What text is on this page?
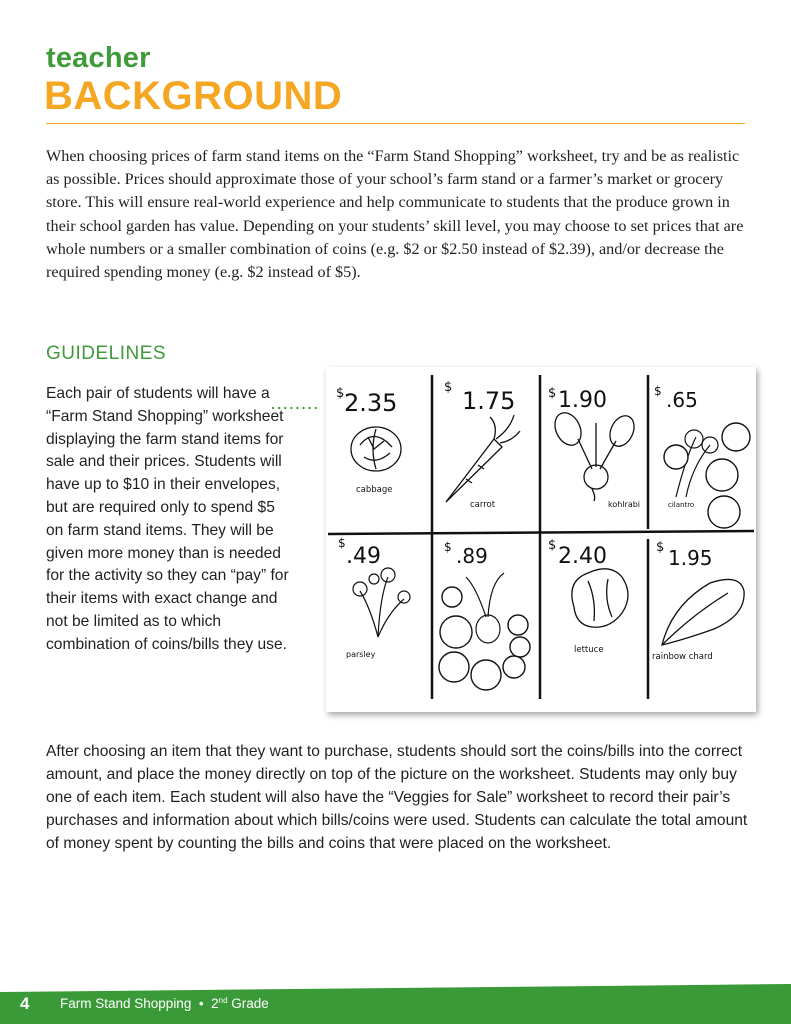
teacher
BACKGROUND

When choosing prices of farm stand items on the “Farm Stand Shopping” worksheet, try and be as realistic as possible. Prices should approximate those of your school’s farm stand or a farmer’s market or grocery store. This will ensure real-world experience and help communicate to students that the produce grown in their school garden has value. Depending on your students’ skill level, you may choose to set prices that are whole numbers or a smaller combination of coins (e.g. $2 or $2.50 instead of $2.39), and/or decrease the required spending money (e.g. $2 instead of $5).

GUIDELINES

Each pair of students will have a “Farm Stand Shopping” worksheet displaying the farm stand items for sale and their prices. Students will have up to $10 in their envelopes, but are required only to spend $5 on farm stand items. They will be given more money than is needed for the activity so they can “pay” for their items with exact change and not be limited as to which combination of coins/bills they use.

$ 2.35
cabbage
$ 1.75
carrot
$ 1.90
kohlrabi
$ .65
cilantro
$
.49
parsley
$ .89	$ 2.40
lettuce
$ 1.95
rainbow chard

After choosing an item that they want to purchase, students should sort the coins/bills into the correct amount, and place the money directly on top of the picture on the worksheet. Students may only buy one of each item. Each student will also have the “Veggies for Sale” worksheet to record their pair’s purchases and information about which bills/coins were used. Students can calculate the total amount of money spent by counting the bills and coins that were placed on the worksheet.

4 Farm Stand Shopping • 2nd Grade
